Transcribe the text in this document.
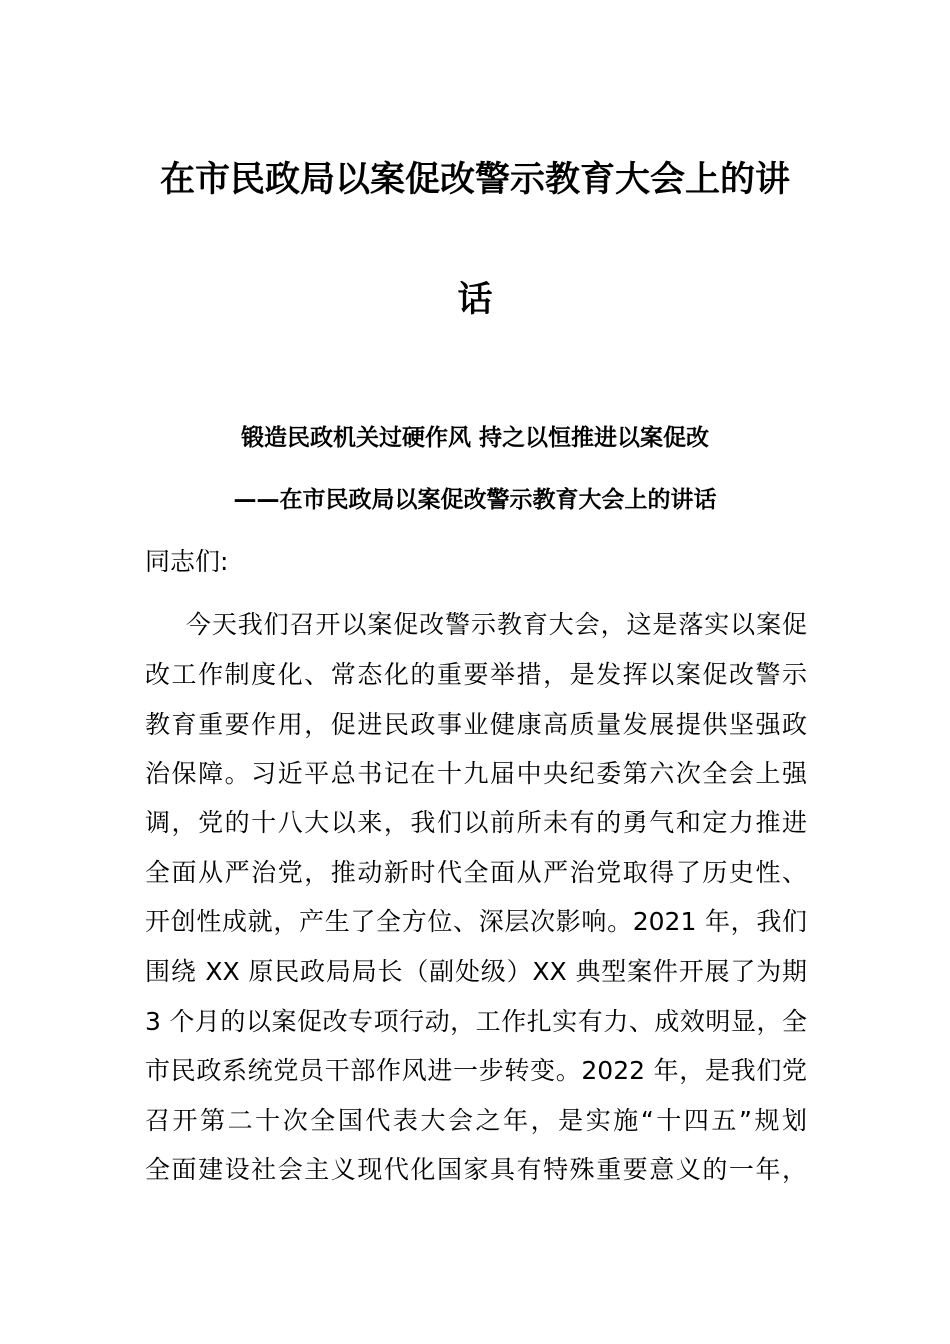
在市民政局以案促改警示教育大会上的讲
话
锻造民政机关过硬作风 持之以恒推进以案促改
——在市民政局以案促改警示教育大会上的讲话
同志们:
　今天我们召开以案促改警示教育大会，这是落实以案促
改工作制度化、常态化的重要举措，是发挥以案促改警示
教育重要作用，促进民政事业健康高质量发展提供坚强政
治保障。习近平总书记在十九届中央纪委第六次全会上强
调，党的十八大以来，我们以前所未有的勇气和定力推进
全面从严治党，推动新时代全面从严治党取得了历史性、
开创性成就，产生了全方位、深层次影响。2021 年，我们
围绕 XX 原民政局局长（副处级）XX 典型案件开展了为期
3 个月的以案促改专项行动，工作扎实有力、成效明显，全
市民政系统党员干部作风进一步转变。2022 年，是我们党
召开第二十次全国代表大会之年，是实施“十四五”规划
全面建设社会主义现代化国家具有特殊重要意义的一年，
